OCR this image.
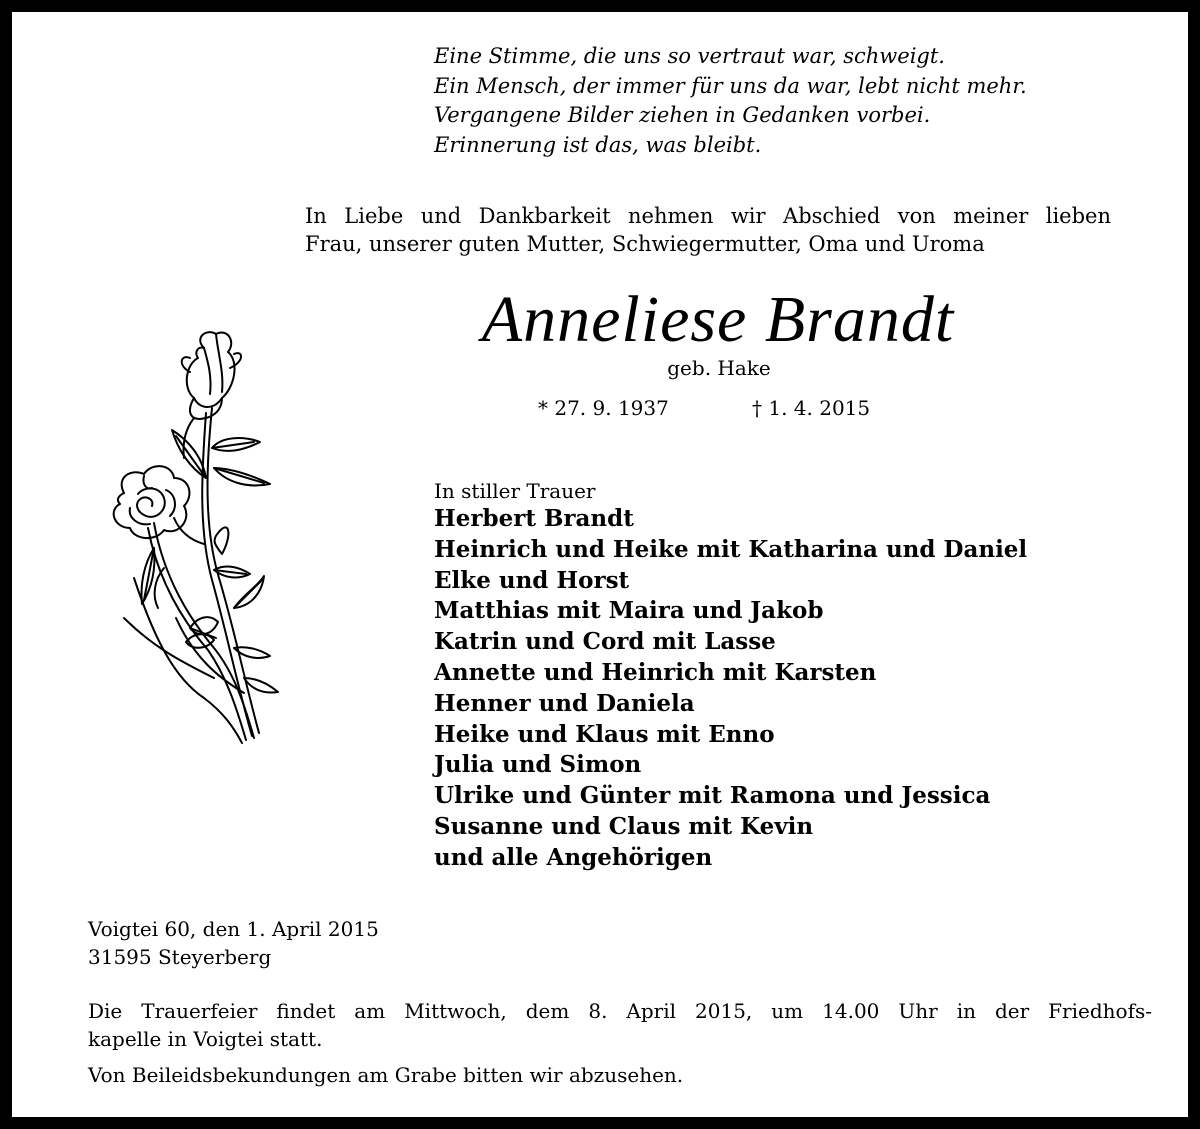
Eine Stimme, die uns so vertraut war, schweigt.
Ein Mensch, der immer für uns da war, lebt nicht mehr.
Vergangene Bilder ziehen in Gedanken vorbei.
Erinnerung ist das, was bleibt.
In Liebe und Dankbarkeit nehmen wir Abschied von meiner lieben
Frau, unserer guten Mutter, Schwiegermutter, Oma und Uroma
Anneliese Brandt
geb. Hake
* 27. 9. 1937	† 1. 4. 2015
In stiller Trauer
Herbert Brandt
Heinrich und Heike mit Katharina und Daniel
Elke und Horst
Matthias mit Maira und Jakob
Katrin und Cord mit Lasse
Annette und Heinrich mit Karsten
Henner und Daniela
Heike und Klaus mit Enno
Julia und Simon
Ulrike und Günter mit Ramona und Jessica
Susanne und Claus mit Kevin
und alle Angehörigen
Voigtei 60, den 1. April 2015
31595 Steyerberg
Die Trauerfeier findet am Mittwoch, dem 8. April 2015, um 14.00 Uhr in der Friedhofs-
kapelle in Voigtei statt.
Von Beileidsbekundungen am Grabe bitten wir abzusehen.
